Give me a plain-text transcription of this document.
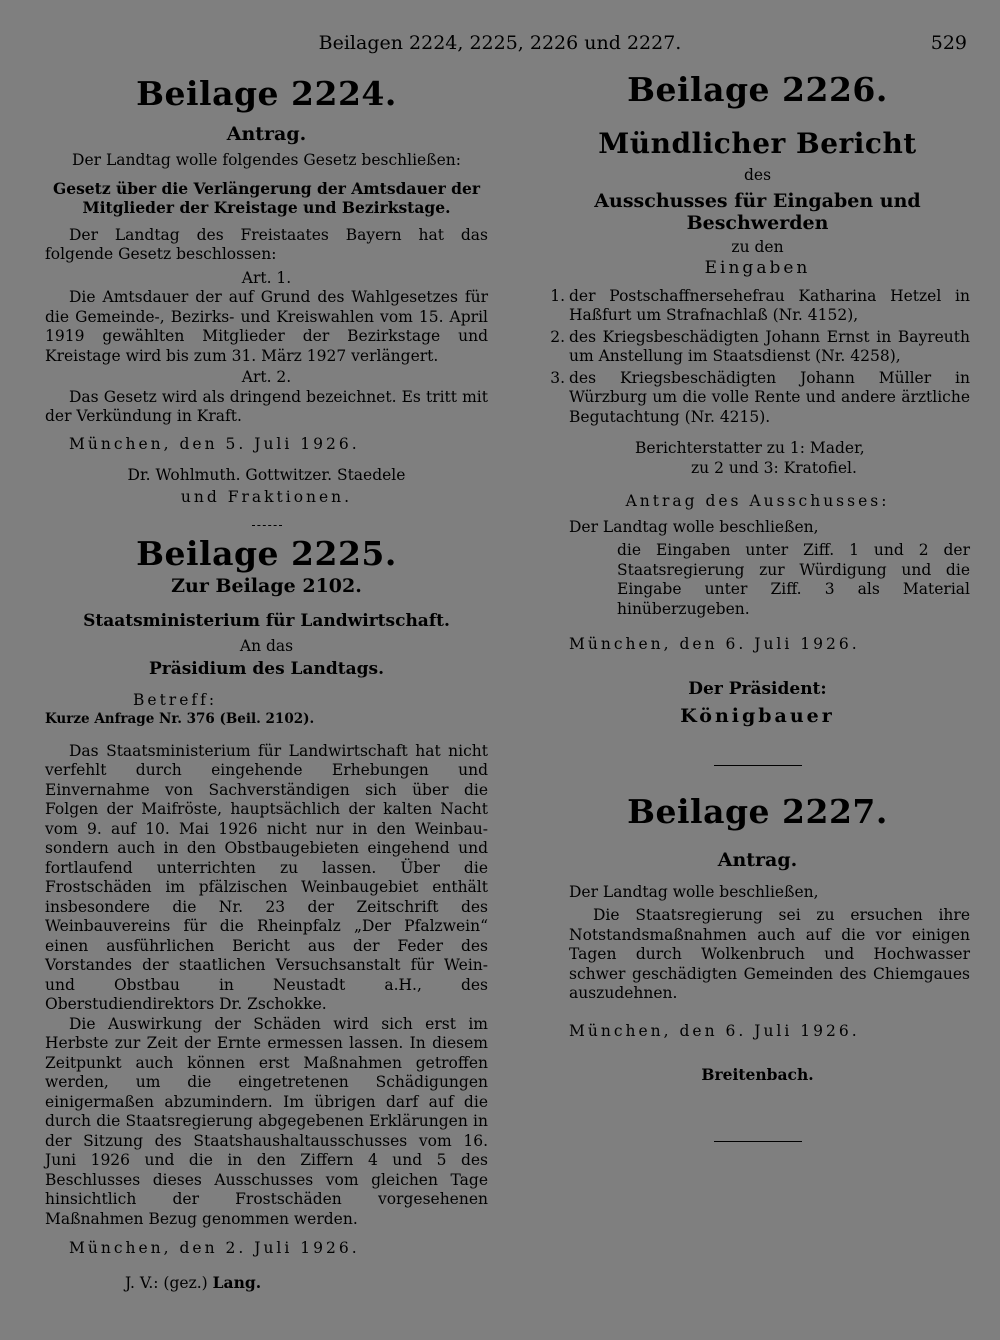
Beilagen 2224, 2225, 2226 und 2227.	529
Beilage 2224.
Antrag.
Der Landtag wolle folgendes Gesetz beschließen:
Gesetz über die Verlängerung der Amtsdauer der Mitglieder der Kreistage und Bezirkstage.
Der Landtag des Freistaates Bayern hat das folgende Gesetz beschlossen:
Art. 1.
Die Amtsdauer der auf Grund des Wahlgesetzes für die Gemeinde-, Bezirks- und Kreiswahlen vom 15. April 1919 gewählten Mitglieder der Bezirkstage und Kreistage wird bis zum 31. März 1927 verlängert.
Art. 2.
Das Gesetz wird als dringend bezeichnet. Es tritt mit der Verkündung in Kraft.
München, den 5. Juli 1926.
Dr. Wohlmuth. Gottwitzer. Staedele
und Fraktionen.
Beilage 2225.
Zur Beilage 2102.
Staatsministerium für Landwirtschaft.
An das
Präsidium des Landtags.
Betreff:
Kurze Anfrage Nr. 376 (Beil. 2102).
Das Staatsministerium für Landwirtschaft hat nicht verfehlt durch eingehende Erhebungen und Einvernahme von Sachverständigen sich über die Folgen der Maifröste, hauptsächlich der kalten Nacht vom 9. auf 10. Mai 1926 nicht nur in den Weinbau- sondern auch in den Obstbaugebieten eingehend und fortlaufend unterrichten zu lassen. Über die Frostschäden im pfälzischen Weinbaugebiet enthält insbesondere die Nr. 23 der Zeitschrift des Weinbauvereins für die Rheinpfalz „Der Pfalzwein“ einen ausführlichen Bericht aus der Feder des Vorstandes der staatlichen Versuchsanstalt für Wein- und Obstbau in Neustadt a.H., des Oberstudiendirektors Dr. Zschokke.
Die Auswirkung der Schäden wird sich erst im Herbste zur Zeit der Ernte ermessen lassen. In diesem Zeitpunkt auch können erst Maßnahmen getroffen werden, um die eingetretenen Schädigungen einigermaßen abzumindern. Im übrigen darf auf die durch die Staatsregierung abgegebenen Erklärungen in der Sitzung des Staatshaushaltausschusses vom 16. Juni 1926 und die in den Ziffern 4 und 5 des Beschlusses dieses Ausschusses vom gleichen Tage hinsichtlich der Frostschäden vorgesehenen Maßnahmen Bezug genommen werden.
München, den 2. Juli 1926.
J. V.: (gez.) Lang.
Beilage 2226.
Mündlicher Bericht
des
Ausschusses für Eingaben und Beschwerden
zu den
Eingaben
1. der Postschaffnersehefrau Katharina Hetzel in Haßfurt um Strafnachlaß (Nr. 4152),
2. des Kriegsbeschädigten Johann Ernst in Bayreuth um Anstellung im Staatsdienst (Nr. 4258),
3. des Kriegsbeschädigten Johann Müller in Würzburg um die volle Rente und andere ärztliche Begutachtung (Nr. 4215).
Berichterstatter zu 1: Mader,
zu 2 und 3: Kratofiel.
Antrag des Ausschusses:
Der Landtag wolle beschließen,
die Eingaben unter Ziff. 1 und 2 der Staatsregierung zur Würdigung und die Eingabe unter Ziff. 3 als Material hinüberzugeben.
München, den 6. Juli 1926.
Der Präsident:
Königbauer
Beilage 2227.
Antrag.
Der Landtag wolle beschließen,
Die Staatsregierung sei zu ersuchen ihre Notstandsmaßnahmen auch auf die vor einigen Tagen durch Wolkenbruch und Hochwasser schwer geschädigten Gemeinden des Chiemgaues auszudehnen.
München, den 6. Juli 1926.
Breitenbach.
